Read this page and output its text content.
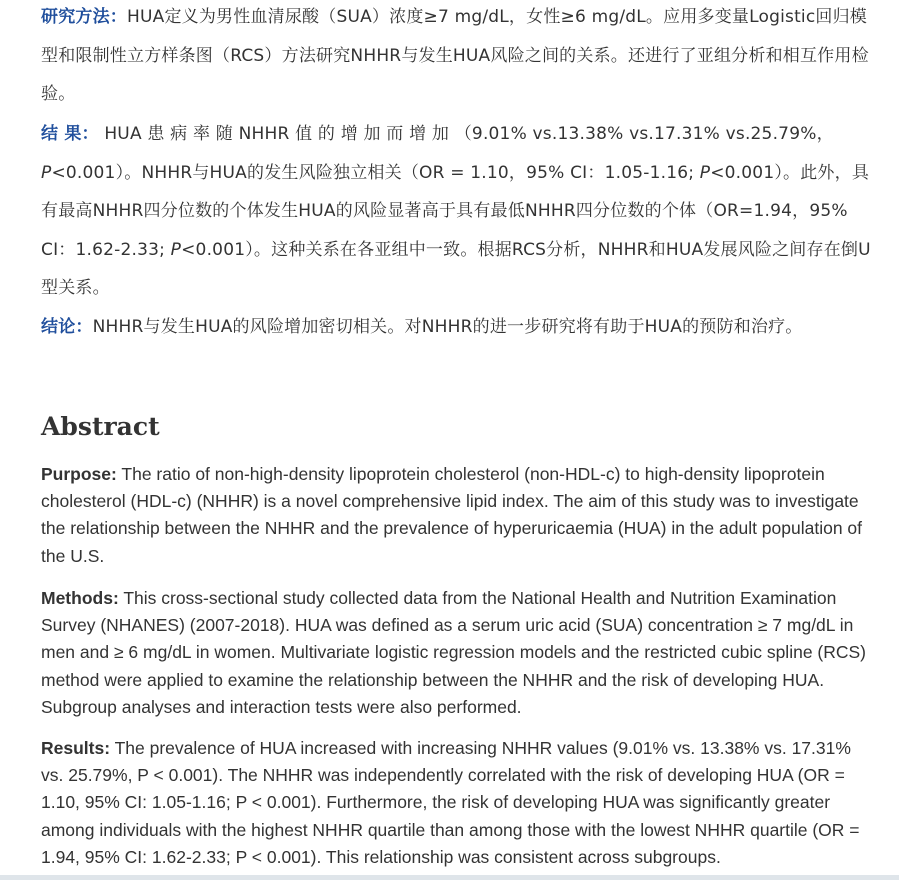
研究方法：HUA定义为男性血清尿酸（SUA）浓度≥7 mg/dL，女性≥6 mg/dL。应用多变量Logistic回归模型和限制性立方样条图（RCS）方法研究NHHR与发生HUA风险之间的关系。还进行了亚组分析和相互作用检验。

结 果： HUA 患 病 率 随 NHHR 值 的 增 加 而 增 加 （9.01% vs.13.38% vs.17.31% vs.25.79%，
P<0.001）。NHHR与HUA的发生风险独立相关（OR = 1.10，95% CI：1.05-1.16; P<0.001）。此外，具有最高NHHR四分位数的个体发生HUA的风险显著高于具有最低NHHR四分位数的个体（OR=1.94，95% CI：1.62-2.33; P<0.001）。这种关系在各亚组中一致。根据RCS分析，NHHR和HUA发展风险之间存在倒U型关系。

结论：NHHR与发生HUA的风险增加密切相关。对NHHR的进一步研究将有助于HUA的预防和治疗。

Abstract

Purpose: The ratio of non-high-density lipoprotein cholesterol (non-HDL-c) to high-density lipoprotein cholesterol (HDL-c) (NHHR) is a novel comprehensive lipid index. The aim of this study was to investigate the relationship between the NHHR and the prevalence of hyperuricaemia (HUA) in the adult population of the U.S.

Methods: This cross-sectional study collected data from the National Health and Nutrition Examination Survey (NHANES) (2007-2018). HUA was defined as a serum uric acid (SUA) concentration ≥ 7 mg/dL in men and ≥ 6 mg/dL in women. Multivariate logistic regression models and the restricted cubic spline (RCS) method were applied to examine the relationship between the NHHR and the risk of developing HUA. Subgroup analyses and interaction tests were also performed.

Results: The prevalence of HUA increased with increasing NHHR values (9.01% vs. 13.38% vs. 17.31% vs. 25.79%, P < 0.001). The NHHR was independently correlated with the risk of developing HUA (OR = 1.10, 95% CI: 1.05-1.16; P < 0.001). Furthermore, the risk of developing HUA was significantly greater among individuals with the highest NHHR quartile than among those with the lowest NHHR quartile (OR = 1.94, 95% CI: 1.62-2.33; P < 0.001). This relationship was consistent across subgroups.
